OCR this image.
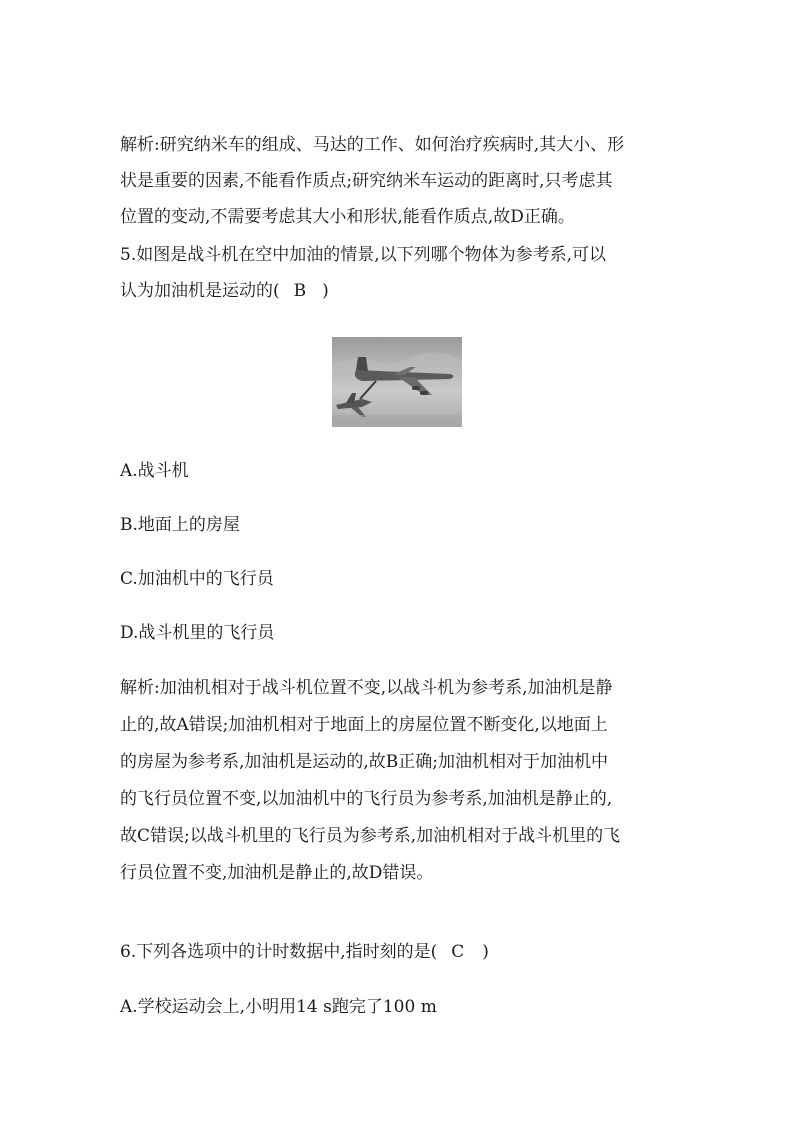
解析:研究纳米车的组成、马达的工作、如何治疗疾病时,其大小、形
状是重要的因素,不能看作质点;研究纳米车运动的距离时,只考虑其
位置的变动,不需要考虑其大小和形状,能看作质点,故D正确。
5.如图是战斗机在空中加油的情景,以下列哪个物体为参考系,可以
认为加油机是运动的( B )
A.战斗机
B.地面上的房屋
C.加油机中的飞行员
D.战斗机里的飞行员
解析:加油机相对于战斗机位置不变,以战斗机为参考系,加油机是静
止的,故A错误;加油机相对于地面上的房屋位置不断变化,以地面上
的房屋为参考系,加油机是运动的,故B正确;加油机相对于加油机中
的飞行员位置不变,以加油机中的飞行员为参考系,加油机是静止的,
故C错误;以战斗机里的飞行员为参考系,加油机相对于战斗机里的飞
行员位置不变,加油机是静止的,故D错误。
6.下列各选项中的计时数据中,指时刻的是( C )
A.学校运动会上,小明用14 s跑完了100 m
